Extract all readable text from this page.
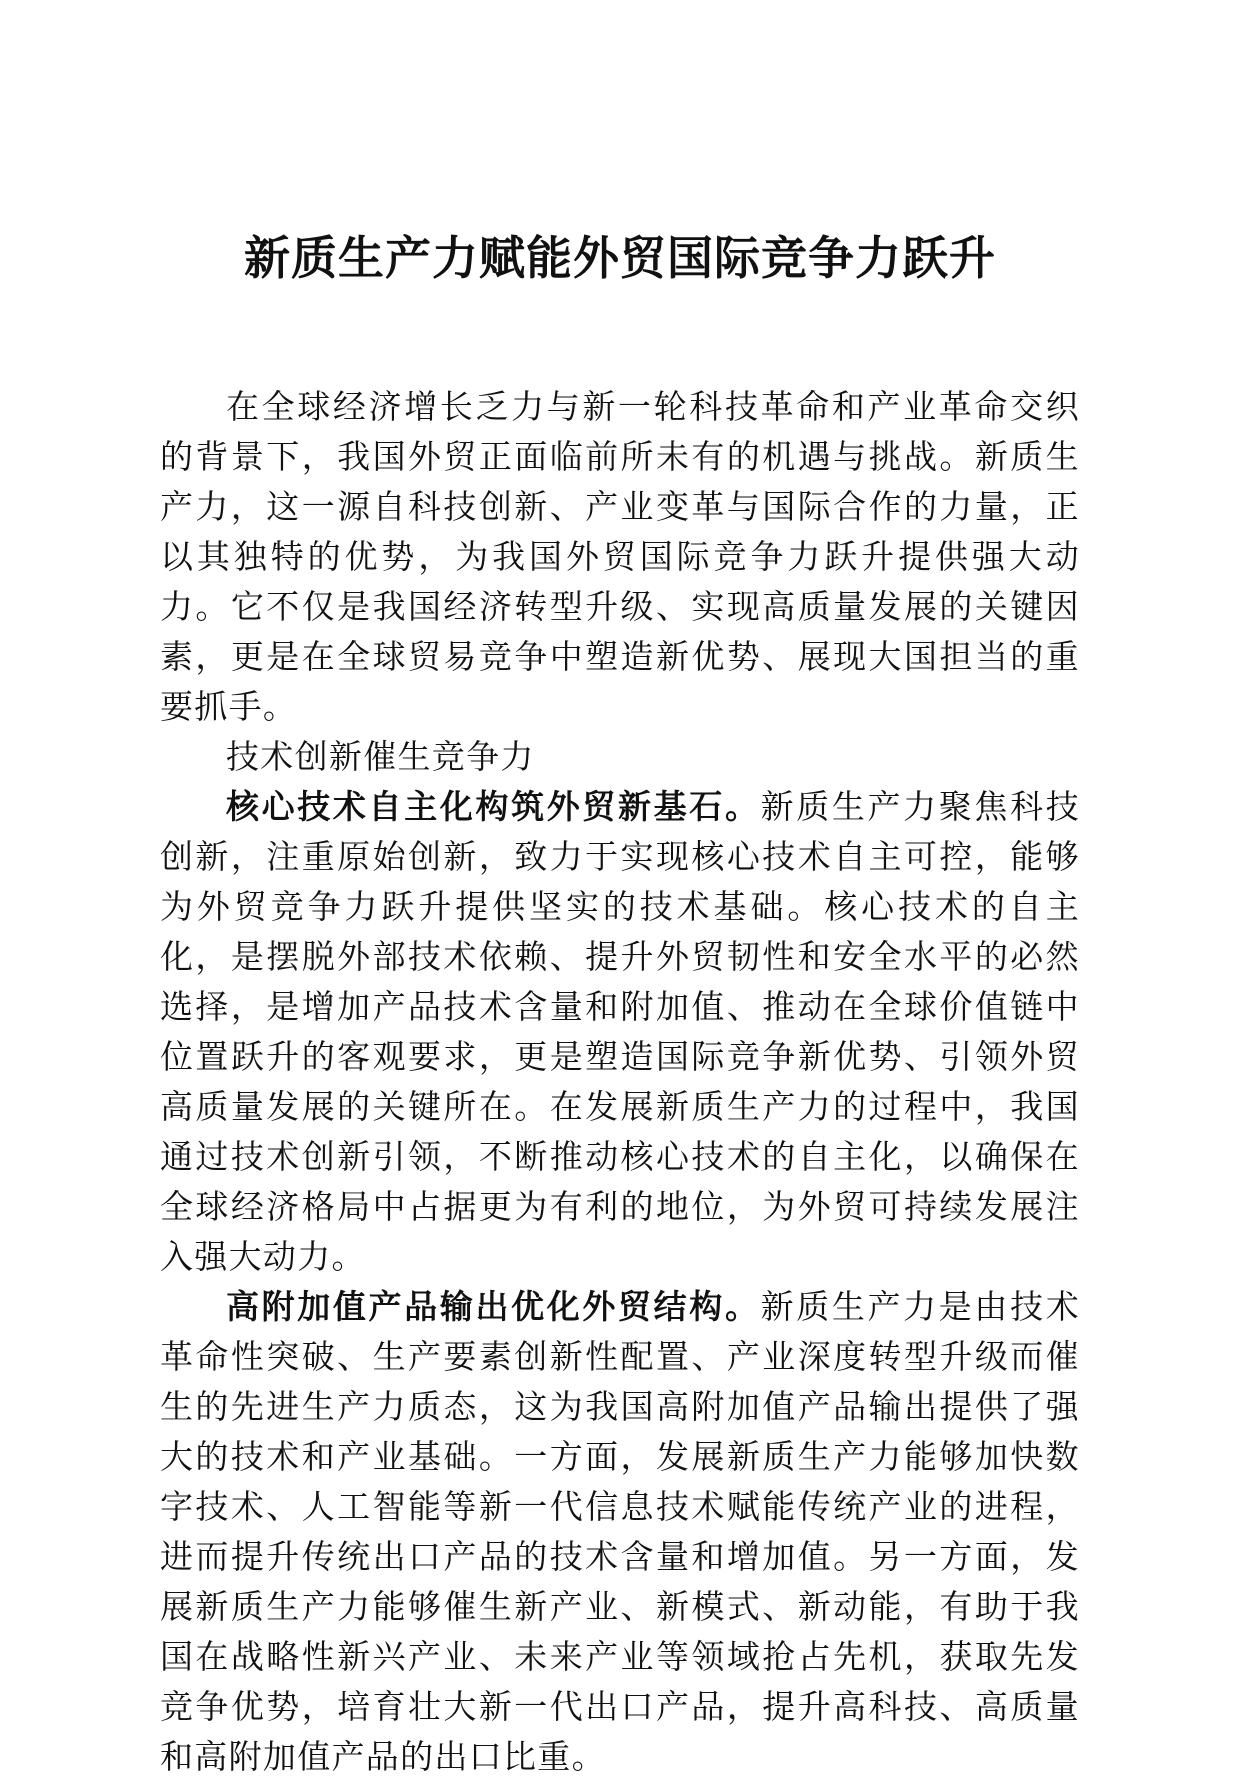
新质生产力赋能外贸国际竞争力跃升

在全球经济增长乏力与新一轮科技革命和产业革命交织的背景下，我国外贸正面临前所未有的机遇与挑战。新质生产力，这一源自科技创新、产业变革与国际合作的力量，正以其独特的优势，为我国外贸国际竞争力跃升提供强大动力。它不仅是我国经济转型升级、实现高质量发展的关键因素，更是在全球贸易竞争中塑造新优势、展现大国担当的重要抓手。

技术创新催生竞争力

核心技术自主化构筑外贸新基石。新质生产力聚焦科技创新，注重原始创新，致力于实现核心技术自主可控，能够为外贸竞争力跃升提供坚实的技术基础。核心技术的自主化，是摆脱外部技术依赖、提升外贸韧性和安全水平的必然选择，是增加产品技术含量和附加值、推动在全球价值链中位置跃升的客观要求，更是塑造国际竞争新优势、引领外贸高质量发展的关键所在。在发展新质生产力的过程中，我国通过技术创新引领，不断推动核心技术的自主化，以确保在全球经济格局中占据更为有利的地位，为外贸可持续发展注入强大动力。

高附加值产品输出优化外贸结构。新质生产力是由技术革命性突破、生产要素创新性配置、产业深度转型升级而催生的先进生产力质态，这为我国高附加值产品输出提供了强大的技术和产业基础。一方面，发展新质生产力能够加快数字技术、人工智能等新一代信息技术赋能传统产业的进程，进而提升传统出口产品的技术含量和增加值。另一方面，发展新质生产力能够催生新产业、新模式、新动能，有助于我国在战略性新兴产业、未来产业等领域抢占先机，获取先发竞争优势，培育壮大新一代出口产品，提升高科技、高质量和高附加值产品的出口比重。
